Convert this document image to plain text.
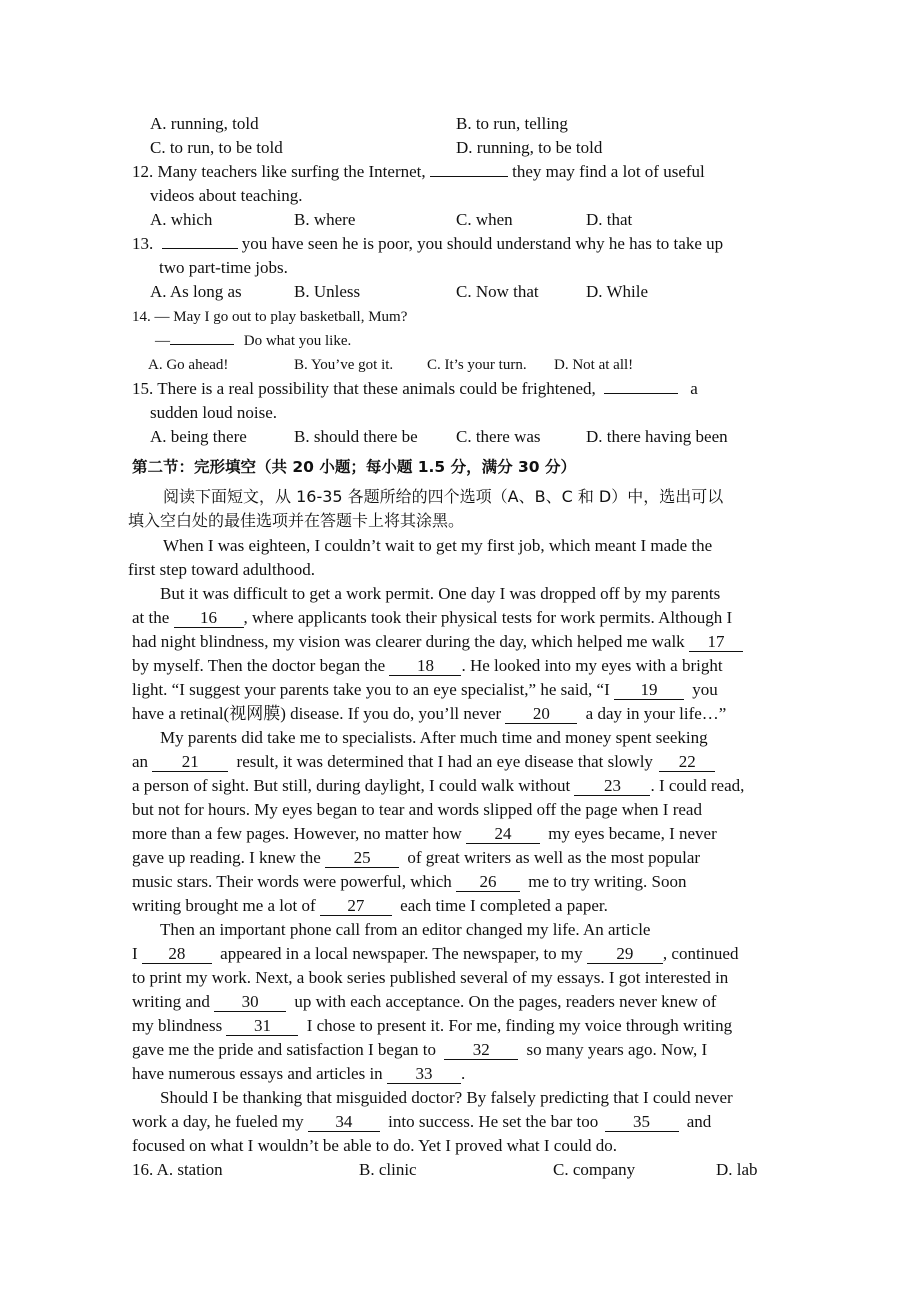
A. running, told	B. to run, telling
C. to run, to be told	D. running, to be told
12. Many teachers like surfing the Internet,	they may find a lot of useful
videos about teaching.
A. which	B. where	C. when	D. that
13.	you have seen he is poor, you should understand why he has to take up
two part-time jobs.
A. As long as	B. Unless	C. Now that	D. While
14. — May I go out to play basketball, Mum?
—	Do what you like.
A. Go ahead!	B. You’ve got it. C. It’s your turn. D. Not at all!
15. There is a real possibility that these animals could be frightened,	a
sudden loud noise.
A. being there	B. should there be C. there was	D. there having been
第二节：完形填空（共 20 小题；每小题 1.5 分，满分 30 分）
阅读下面短文，从 16-35 各题所给的四个选项（A、B、C 和 D）中，选出可以
填入空白处的最佳选项并在答题卡上将其涂黑。
When I was eighteen, I couldn’t wait to get my first job, which meant I made the
first step toward adulthood.
But it was difficult to get a work permit. One day I was dropped off by my parents
at the 16 , where applicants took their physical tests for work permits. Although I
had night blindness, my vision was clearer during the day, which helped me walk 17
by myself. Then the doctor began the 18 . He looked into my eyes with a bright
light. “I suggest your parents take you to an eye specialist,” he said, “I 19 you
have a retinal(视网膜) disease. If you do, you’ll never 20 a day in your life…”
My parents did take me to specialists. After much time and money spent seeking
an 21 result, it was determined that I had an eye disease that slowly 22
a person of sight. But still, during daylight, I could walk without 23 . I could read,
but not for hours. My eyes began to tear and words slipped off the page when I read
more than a few pages. However, no matter how 24 my eyes became, I never
gave up reading. I knew the 25 of great writers as well as the most popular
music stars. Their words were powerful, which 26 me to try writing. Soon
writing brought me a lot of 27 each time I completed a paper.
Then an important phone call from an editor changed my life. An article
I 28 appeared in a local newspaper. The newspaper, to my 29 , continued
to print my work. Next, a book series published several of my essays. I got interested in
writing and 30 up with each acceptance. On the pages, readers never knew of
my blindness 31 I chose to present it. For me, finding my voice through writing
gave me the pride and satisfaction I began to 32 so many years ago. Now, I
have numerous essays and articles in 33 .
Should I be thanking that misguided doctor? By falsely predicting that I could never
work a day, he fueled my 34 into success. He set the bar too 35 and
focused on what I wouldn’t be able to do. Yet I proved what I could do.
16. A. station	B. clinic	C. company	D. lab
